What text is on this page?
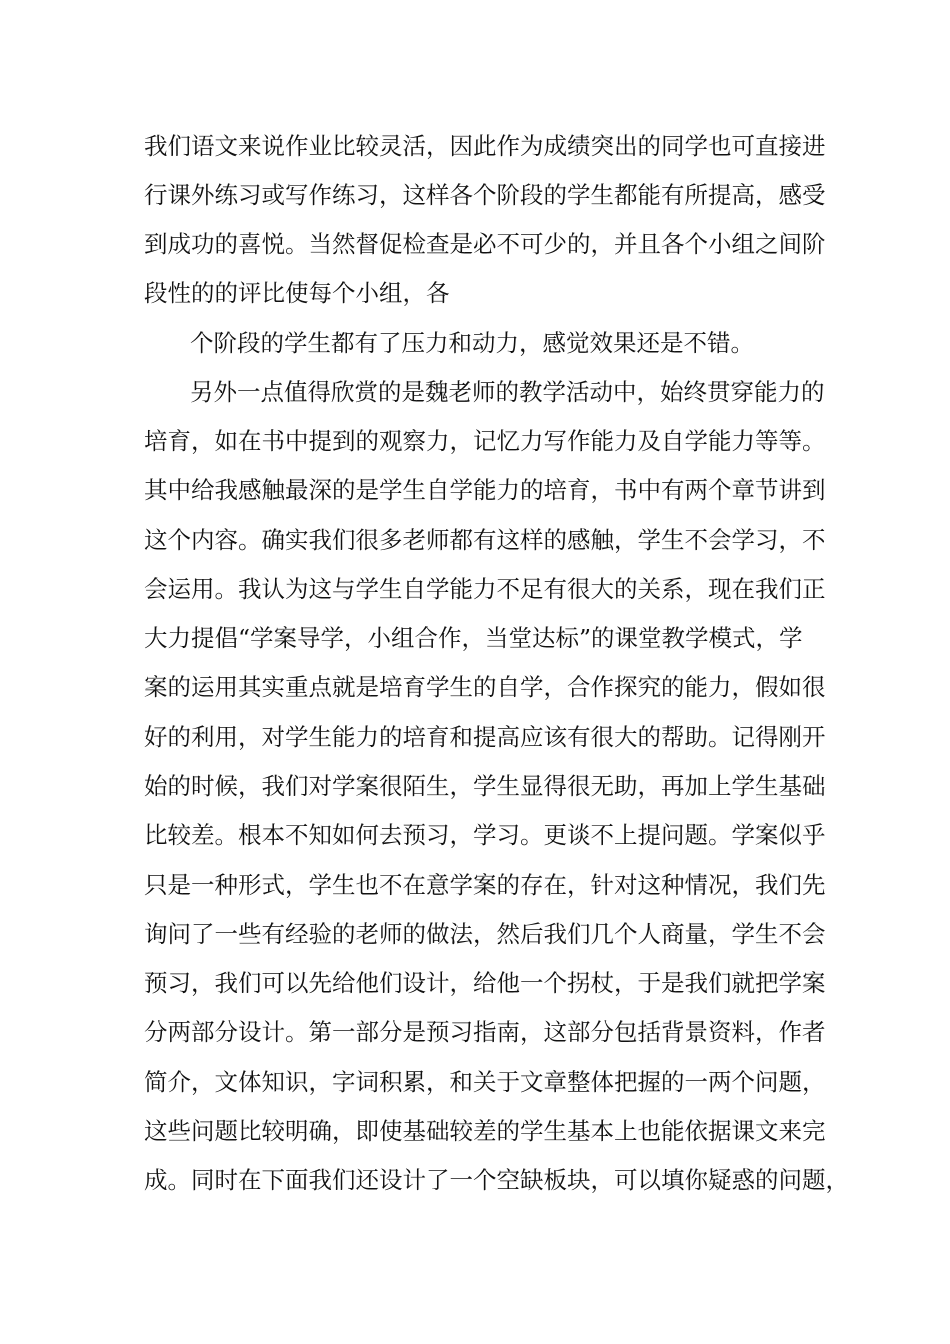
我们语文来说作业比较灵活，因此作为成绩突出的同学也可直接进
行课外练习或写作练习，这样各个阶段的学生都能有所提高，感受
到成功的喜悦。当然督促检查是必不可少的，并且各个小组之间阶
段性的的评比使每个小组，各
个阶段的学生都有了压力和动力，感觉效果还是不错。
另外一点值得欣赏的是魏老师的教学活动中，始终贯穿能力的
培育，如在书中提到的观察力，记忆力写作能力及自学能力等等。
其中给我感触最深的是学生自学能力的培育，书中有两个章节讲到
这个内容。确实我们很多老师都有这样的感触，学生不会学习，不
会运用。我认为这与学生自学能力不足有很大的关系，现在我们正
大力提倡“学案导学，小组合作，当堂达标”的课堂教学模式，学
案的运用其实重点就是培育学生的自学，合作探究的能力，假如很
好的利用，对学生能力的培育和提高应该有很大的帮助。记得刚开
始的时候，我们对学案很陌生，学生显得很无助，再加上学生基础
比较差。根本不知如何去预习，学习。更谈不上提问题。学案似乎
只是一种形式，学生也不在意学案的存在，针对这种情况，我们先
询问了一些有经验的老师的做法，然后我们几个人商量，学生不会
预习，我们可以先给他们设计，给他一个拐杖，于是我们就把学案
分两部分设计。第一部分是预习指南，这部分包括背景资料，作者
简介，文体知识，字词积累，和关于文章整体把握的一两个问题，
这些问题比较明确，即使基础较差的学生基本上也能依据课文来完
成。同时在下面我们还设计了一个空缺板块，可以填你疑惑的问题，
